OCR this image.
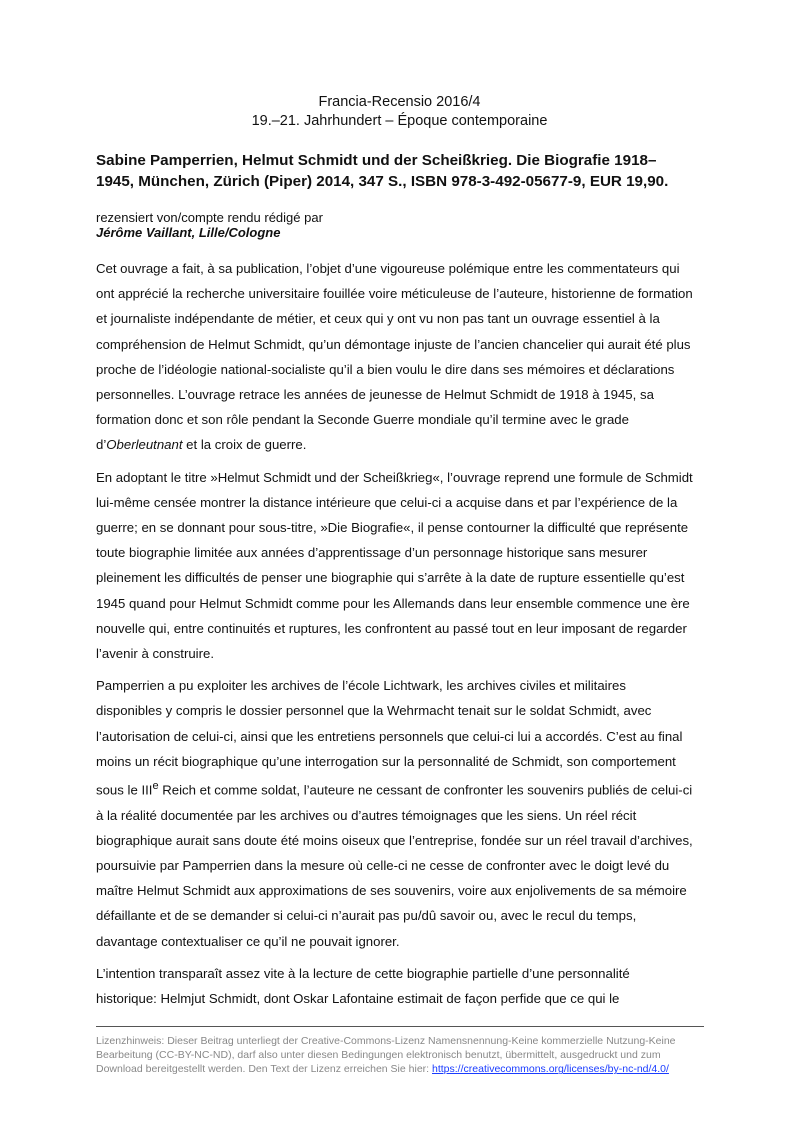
Francia-Recensio 2016/4
19.–21. Jahrhundert – Époque contemporaine
Sabine Pamperrien, Helmut Schmidt und der Scheißkrieg. Die Biografie 1918–
1945, München, Zürich (Piper) 2014, 347 S., ISBN 978-3-492-05677-9, EUR 19,90.
rezensiert von/compte rendu rédigé par
Jérôme Vaillant, Lille/Cologne

Cet ouvrage a fait, à sa publication, l’objet d’une vigoureuse polémique entre les commentateurs qui
ont apprécié la recherche universitaire fouillée voire méticuleuse de l’auteure, historienne de formation
et journaliste indépendante de métier, et ceux qui y ont vu non pas tant un ouvrage essentiel à la
compréhension de Helmut Schmidt, qu’un démontage injuste de l’ancien chancelier qui aurait été plus
proche de l’idéologie national-socialiste qu’il a bien voulu le dire dans ses mémoires et déclarations
personnelles. L’ouvrage retrace les années de jeunesse de Helmut Schmidt de 1918 à 1945, sa
formation donc et son rôle pendant la Seconde Guerre mondiale qu’il termine avec le grade
d’Oberleutnant et la croix de guerre.

En adoptant le titre »Helmut Schmidt und der Scheißkrieg«, l’ouvrage reprend une formule de Schmidt
lui-même censée montrer la distance intérieure que celui-ci a acquise dans et par l’expérience de la
guerre; en se donnant pour sous-titre, »Die Biografie«, il pense contourner la difficulté que représente
toute biographie limitée aux années d’apprentissage d’un personnage historique sans mesurer
pleinement les difficultés de penser une biographie qui s’arrête à la date de rupture essentielle qu’est
1945 quand pour Helmut Schmidt comme pour les Allemands dans leur ensemble commence une ère
nouvelle qui, entre continuités et ruptures, les confrontent au passé tout en leur imposant de regarder
l’avenir à construire.

Pamperrien a pu exploiter les archives de l’école Lichtwark, les archives civiles et militaires
disponibles y compris le dossier personnel que la Wehrmacht tenait sur le soldat Schmidt, avec
l’autorisation de celui-ci, ainsi que les entretiens personnels que celui-ci lui a accordés. C’est au final
moins un récit biographique qu’une interrogation sur la personnalité de Schmidt, son comportement
sous le IIIe Reich et comme soldat, l’auteure ne cessant de confronter les souvenirs publiés de celui-ci
à la réalité documentée par les archives ou d’autres témoignages que les siens. Un réel récit
biographique aurait sans doute été moins oiseux que l’entreprise, fondée sur un réel travail d’archives,
poursuivie par Pamperrien dans la mesure où celle-ci ne cesse de confronter avec le doigt levé du
maître Helmut Schmidt aux approximations de ses souvenirs, voire aux enjolivements de sa mémoire
défaillante et de se demander si celui-ci n’aurait pas pu/dû savoir ou, avec le recul du temps,
davantage contextualiser ce qu’il ne pouvait ignorer.

L’intention transparaît assez vite à la lecture de cette biographie partielle d’une personnalité
historique: Helmjut Schmidt, dont Oskar Lafontaine estimait de façon perfide que ce qui le

Lizenzhinweis: Dieser Beitrag unterliegt der Creative-Commons-Lizenz Namensnennung-Keine kommerzielle Nutzung-Keine
Bearbeitung (CC-BY-NC-ND), darf also unter diesen Bedingungen elektronisch benutzt, übermittelt, ausgedruckt und zum
Download bereitgestellt werden. Den Text der Lizenz erreichen Sie hier: https://creativecommons.org/licenses/by-nc-nd/4.0/
